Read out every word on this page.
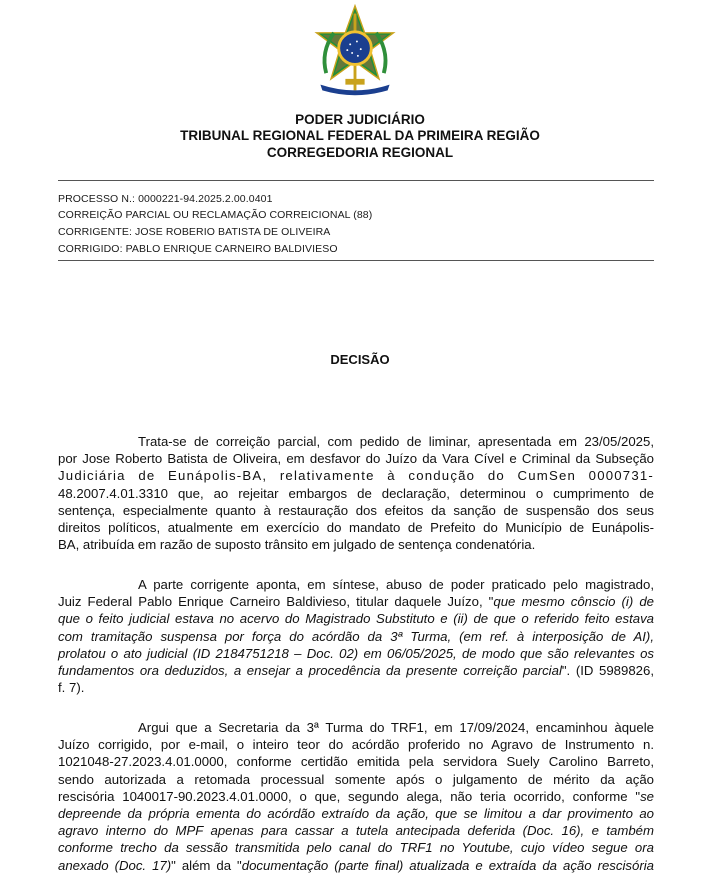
PODER JUDICIÁRIO
TRIBUNAL REGIONAL FEDERAL DA PRIMEIRA REGIÃO
CORREGEDORIA REGIONAL
PROCESSO N.: 0000221-94.2025.2.00.0401
CORREIÇÃO PARCIAL OU RECLAMAÇÃO CORREICIONAL (88)
CORRIGENTE: JOSE ROBERIO BATISTA DE OLIVEIRA
CORRIGIDO: PABLO ENRIQUE CARNEIRO BALDIVIESO
DECISÃO
Trata-se de correição parcial, com pedido de liminar, apresentada em 23/05/2025,
por Jose Roberto Batista de Oliveira, em desfavor do Juízo da Vara Cível e Criminal da Subseção
Judiciária de Eunápolis-BA, relativamente à condução do CumSen 0000731-
48.2007.4.01.3310 que, ao rejeitar embargos de declaração, determinou o cumprimento de
sentença, especialmente quanto à restauração dos efeitos da sanção de suspensão dos seus
direitos políticos, atualmente em exercício do mandato de Prefeito do Município de Eunápolis-
BA, atribuída em razão de suposto trânsito em julgado de sentença condenatória.
A parte corrigente aponta, em síntese, abuso de poder praticado pelo magistrado,
Juiz Federal Pablo Enrique Carneiro Baldivieso, titular daquele Juízo, "que mesmo cônscio (i) de
que o feito judicial estava no acervo do Magistrado Substituto e (ii) de que o referido feito estava
com tramitação suspensa por força do acórdão da 3ª Turma, (em ref. à interposição de AI),
prolatou o ato judicial (ID 2184751218 – Doc. 02) em 06/05/2025, de modo que são relevantes os
fundamentos ora deduzidos, a ensejar a procedência da presente correição parcial". (ID 5989826,
f. 7).
Argui que a Secretaria da 3ª Turma do TRF1, em 17/09/2024, encaminhou àquele
Juízo corrigido, por e-mail, o inteiro teor do acórdão proferido no Agravo de Instrumento n.
1021048-27.2023.4.01.0000, conforme certidão emitida pela servidora Suely Carolino Barreto,
sendo autorizada a retomada processual somente após o julgamento de mérito da ação
rescisória 1040017-90.2023.4.01.0000, o que, segundo alega, não teria ocorrido, conforme "se
depreende da própria ementa do acórdão extraído da ação, que se limitou a dar provimento ao
agravo interno do MPF apenas para cassar a tutela antecipada deferida (Doc. 16), e também
conforme trecho da sessão transmitida pelo canal do TRF1 no Youtube, cujo vídeo segue ora
anexado (Doc. 17)" além da "documentação (parte final) atualizada e extraída da ação rescisória
